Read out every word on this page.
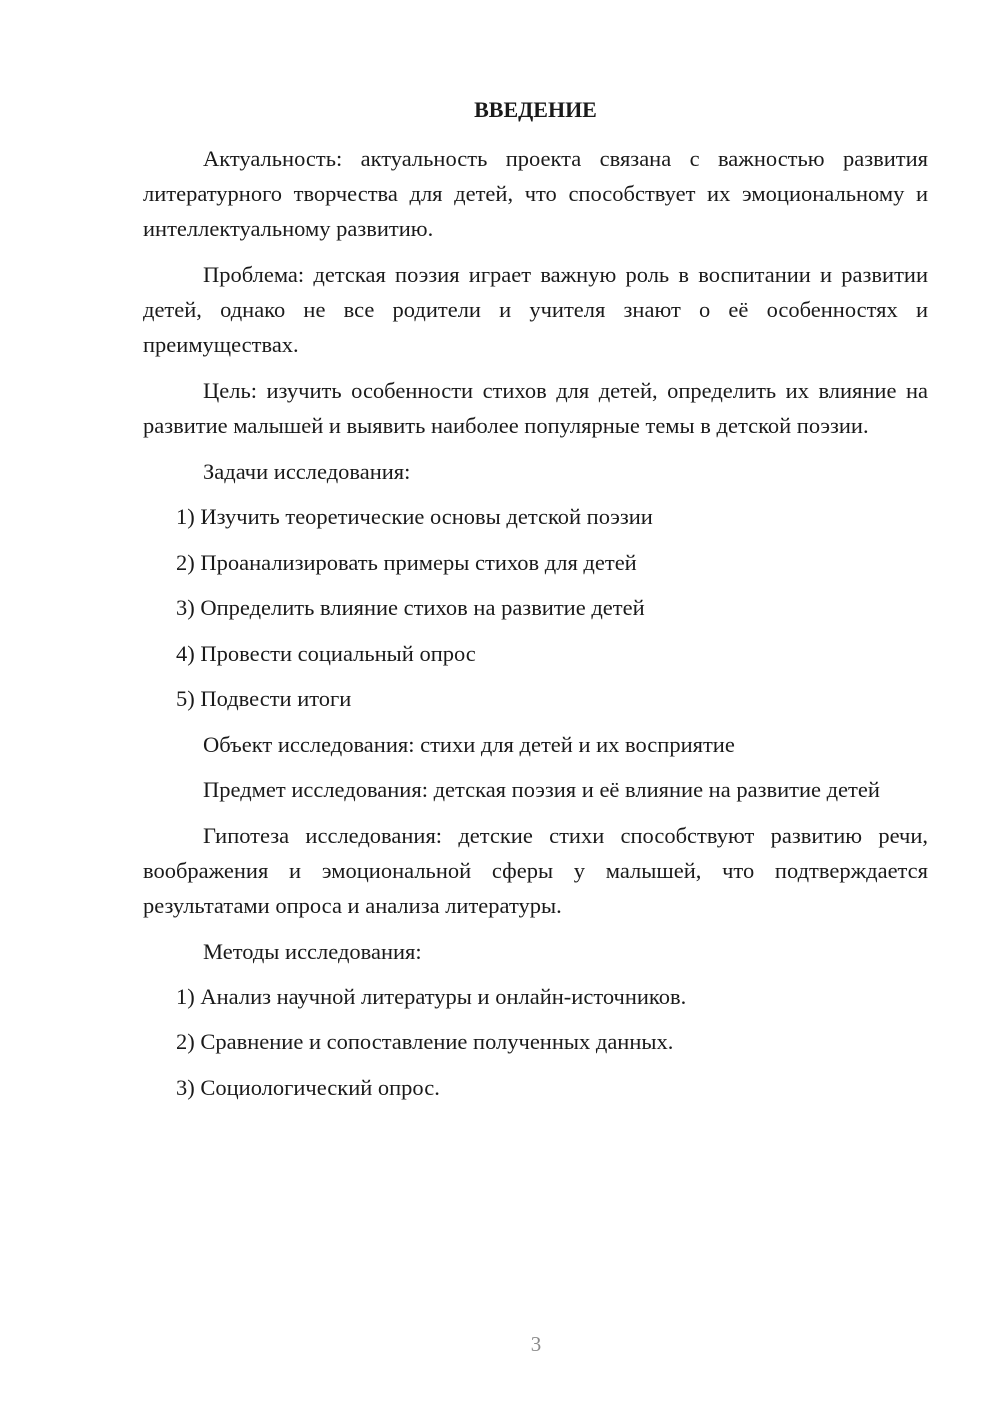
ВВЕДЕНИЕ
Актуальность: актуальность проекта связана с важностью развития литературного творчества для детей, что способствует их эмоциональному и интеллектуальному развитию.
Проблема: детская поэзия играет важную роль в воспитании и развитии детей, однако не все родители и учителя знают о её особенностях и преимуществах.
Цель: изучить особенности стихов для детей, определить их влияние на развитие малышей и выявить наиболее популярные темы в детской поэзии.
Задачи исследования:
1) Изучить теоретические основы детской поэзии
2) Проанализировать примеры стихов для детей
3) Определить влияние стихов на развитие детей
4) Провести социальный опрос
5) Подвести итоги
Объект исследования: стихи для детей и их восприятие
Предмет исследования: детская поэзия и её влияние на развитие детей
Гипотеза исследования: детские стихи способствуют развитию речи, воображения и эмоциональной сферы у малышей, что подтверждается результатами опроса и анализа литературы.
Методы исследования:
1) Анализ научной литературы и онлайн-источников.
2) Сравнение и сопоставление полученных данных.
3) Социологический опрос.
3
